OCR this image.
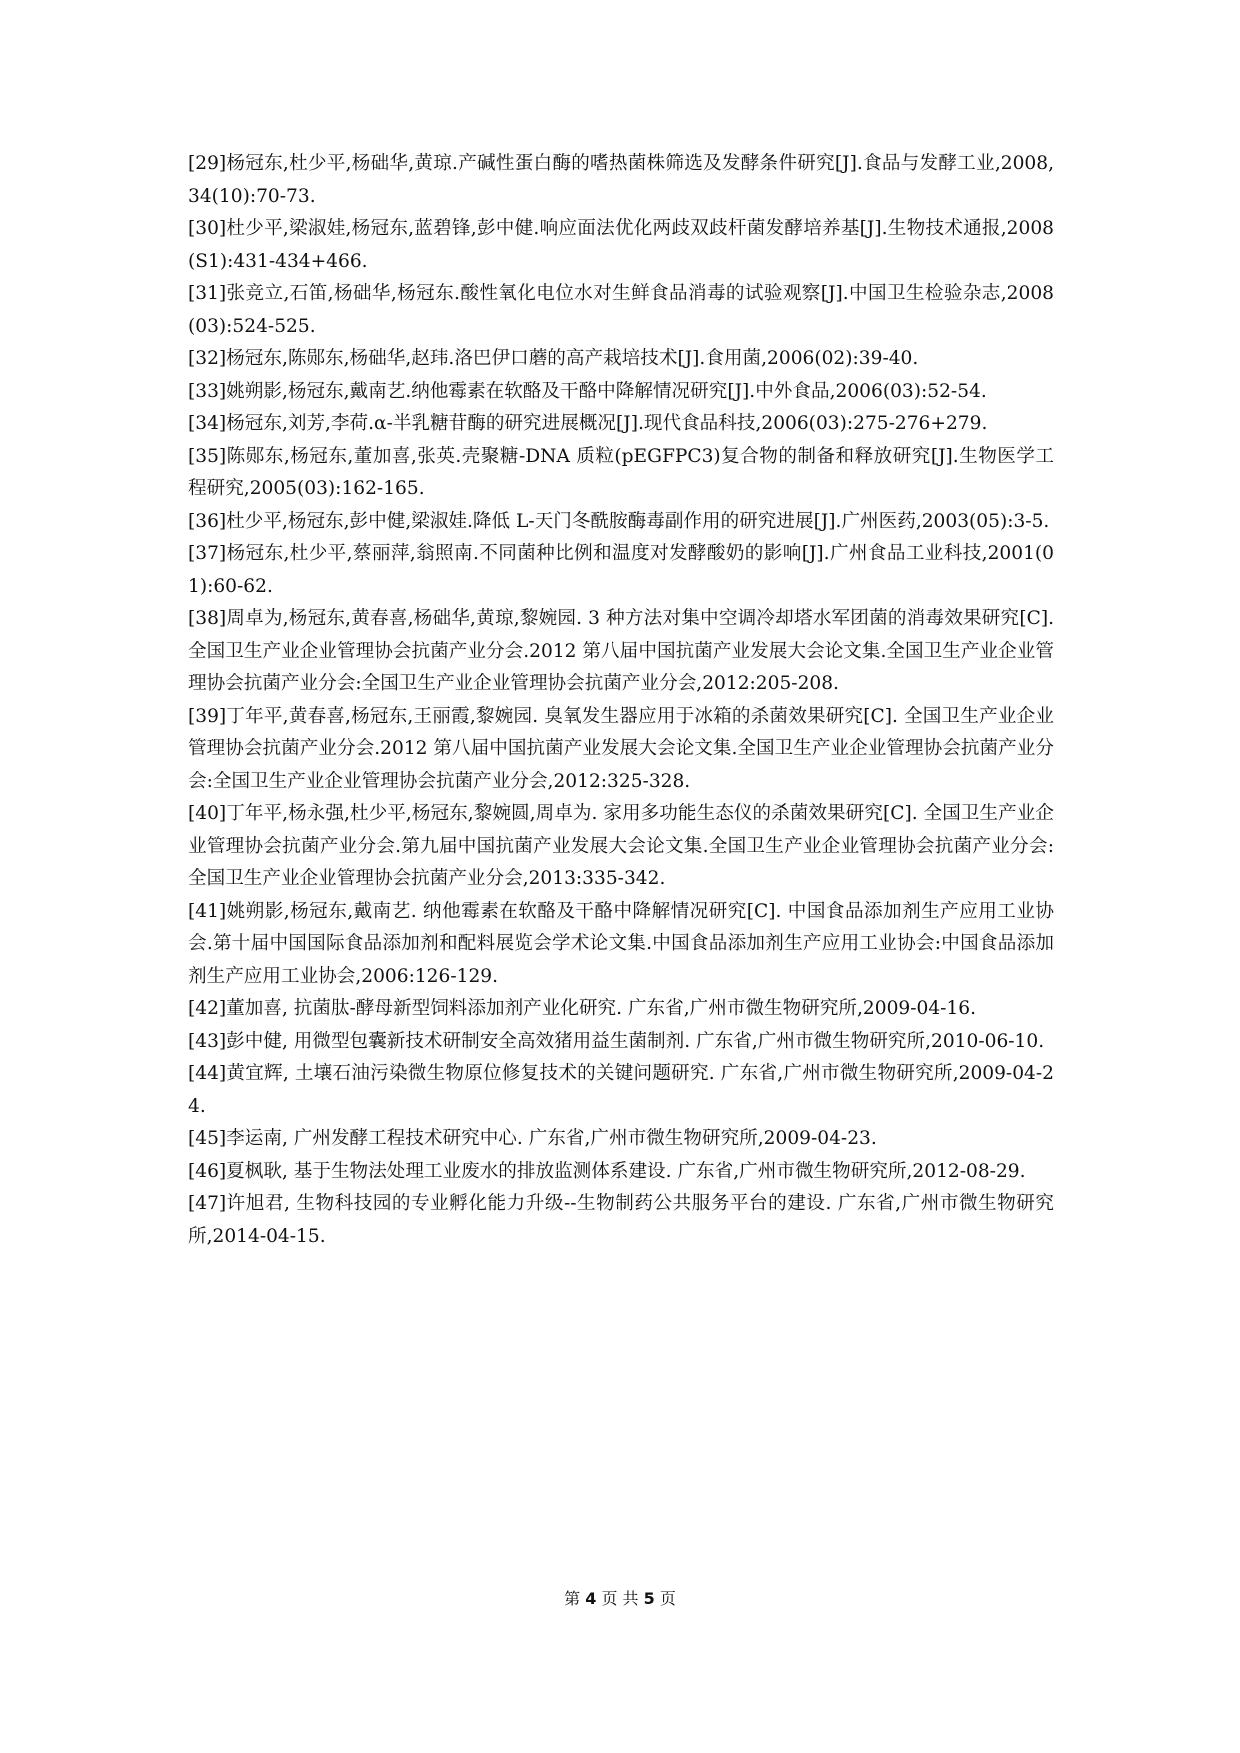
[29]杨冠东,杜少平,杨础华,黄琼.产碱性蛋白酶的嗜热菌株筛选及发酵条件研究[J].食品与发酵工业,2008,34(10):70-73.

[30]杜少平,梁淑娃,杨冠东,蓝碧锋,彭中健.响应面法优化两歧双歧杆菌发酵培养基[J].生物技术通报,2008(S1):431-434+466.

[31]张竞立,石笛,杨础华,杨冠东.酸性氧化电位水对生鲜食品消毒的试验观察[J].中国卫生检验杂志,2008(03):524-525.

[32]杨冠东,陈郧东,杨础华,赵玮.洛巴伊口蘑的高产栽培技术[J].食用菌,2006(02):39-40.

[33]姚朔影,杨冠东,戴南艺.纳他霉素在软酪及干酪中降解情况研究[J].中外食品,2006(03):52-54.

[34]杨冠东,刘芳,李荷.α-半乳糖苷酶的研究进展概况[J].现代食品科技,2006(03):275-276+279.

[35]陈郧东,杨冠东,董加喜,张英.壳聚糖-DNA 质粒(pEGFPC3)复合物的制备和释放研究[J].生物医学工程研究,2005(03):162-165.

[36]杜少平,杨冠东,彭中健,梁淑娃.降低 L-天门冬酰胺酶毒副作用的研究进展[J].广州医药,2003(05):3-5.

[37]杨冠东,杜少平,蔡丽萍,翁照南.不同菌种比例和温度对发酵酸奶的影响[J].广州食品工业科技,2001(01):60-62.

[38]周卓为,杨冠东,黄春喜,杨础华,黄琼,黎婉园. 3 种方法对集中空调冷却塔水军团菌的消毒效果研究[C]. 全国卫生产业企业管理协会抗菌产业分会.2012 第八届中国抗菌产业发展大会论文集.全国卫生产业企业管理协会抗菌产业分会:全国卫生产业企业管理协会抗菌产业分会,2012:205-208.

[39]丁年平,黄春喜,杨冠东,王丽霞,黎婉园. 臭氧发生器应用于冰箱的杀菌效果研究[C]. 全国卫生产业企业管理协会抗菌产业分会.2012 第八届中国抗菌产业发展大会论文集.全国卫生产业企业管理协会抗菌产业分会:全国卫生产业企业管理协会抗菌产业分会,2012:325-328.

[40]丁年平,杨永强,杜少平,杨冠东,黎婉圆,周卓为. 家用多功能生态仪的杀菌效果研究[C]. 全国卫生产业企业管理协会抗菌产业分会.第九届中国抗菌产业发展大会论文集.全国卫生产业企业管理协会抗菌产业分会:全国卫生产业企业管理协会抗菌产业分会,2013:335-342.

[41]姚朔影,杨冠东,戴南艺. 纳他霉素在软酪及干酪中降解情况研究[C]. 中国食品添加剂生产应用工业协会.第十届中国国际食品添加剂和配料展览会学术论文集.中国食品添加剂生产应用工业协会:中国食品添加剂生产应用工业协会,2006:126-129.

[42]董加喜, 抗菌肽-酵母新型饲料添加剂产业化研究. 广东省,广州市微生物研究所,2009-04-16.

[43]彭中健, 用微型包囊新技术研制安全高效猪用益生菌制剂. 广东省,广州市微生物研究所,2010-06-10.

[44]黄宜辉, 土壤石油污染微生物原位修复技术的关键问题研究. 广东省,广州市微生物研究所,2009-04-24.

[45]李运南, 广州发酵工程技术研究中心. 广东省,广州市微生物研究所,2009-04-23.

[46]夏枫耿, 基于生物法处理工业废水的排放监测体系建设. 广东省,广州市微生物研究所,2012-08-29.

[47]许旭君, 生物科技园的专业孵化能力升级--生物制药公共服务平台的建设. 广东省,广州市微生物研究所,2014-04-15.

第 4 页 共 5 页
